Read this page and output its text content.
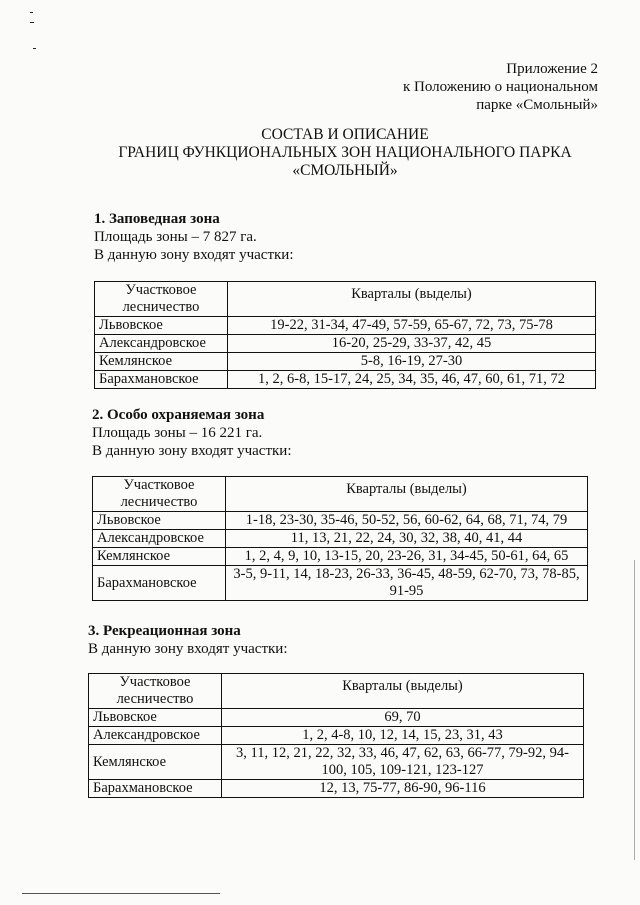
Приложение 2
к Положению о национальном
парке «Смольный»
СОСТАВ И ОПИСАНИЕ
ГРАНИЦ ФУНКЦИОНАЛЬНЫХ ЗОН НАЦИОНАЛЬНОГО ПАРКА
«СМОЛЬНЫЙ»
1. Заповедная зона
Площадь зоны – 7 827 га.
В данную зону входят участки:
Участковое
лесничество	Кварталы (выделы)
Львовское	19-22, 31-34, 47-49, 57-59, 65-67, 72, 73, 75-78
Александровское	16-20, 25-29, 33-37, 42, 45
Кемлянское	5-8, 16-19, 27-30
Барахмановское	1, 2, 6-8, 15-17, 24, 25, 34, 35, 46, 47, 60, 61, 71, 72
2. Особо охраняемая зона
Площадь зоны – 16 221 га.
В данную зону входят участки:
Участковое
лесничество	Кварталы (выделы)
Львовское	1-18, 23-30, 35-46, 50-52, 56, 60-62, 64, 68, 71, 74, 79
Александровское	11, 13, 21, 22, 24, 30, 32, 38, 40, 41, 44
Кемлянское	1, 2, 4, 9, 10, 13-15, 20, 23-26, 31, 34-45, 50-61, 64, 65
Барахмановское	3-5, 9-11, 14, 18-23, 26-33, 36-45, 48-59, 62-70, 73, 78-85,
91-95
3. Рекреационная зона
В данную зону входят участки:
Участковое
лесничество	Кварталы (выделы)
Львовское	69, 70
Александровское	1, 2, 4-8, 10, 12, 14, 15, 23, 31, 43
Кемлянское	3, 11, 12, 21, 22, 32, 33, 46, 47, 62, 63, 66-77, 79-92, 94-
100, 105, 109-121, 123-127

Барахмановское	12, 13, 75-77, 86-90, 96-116
